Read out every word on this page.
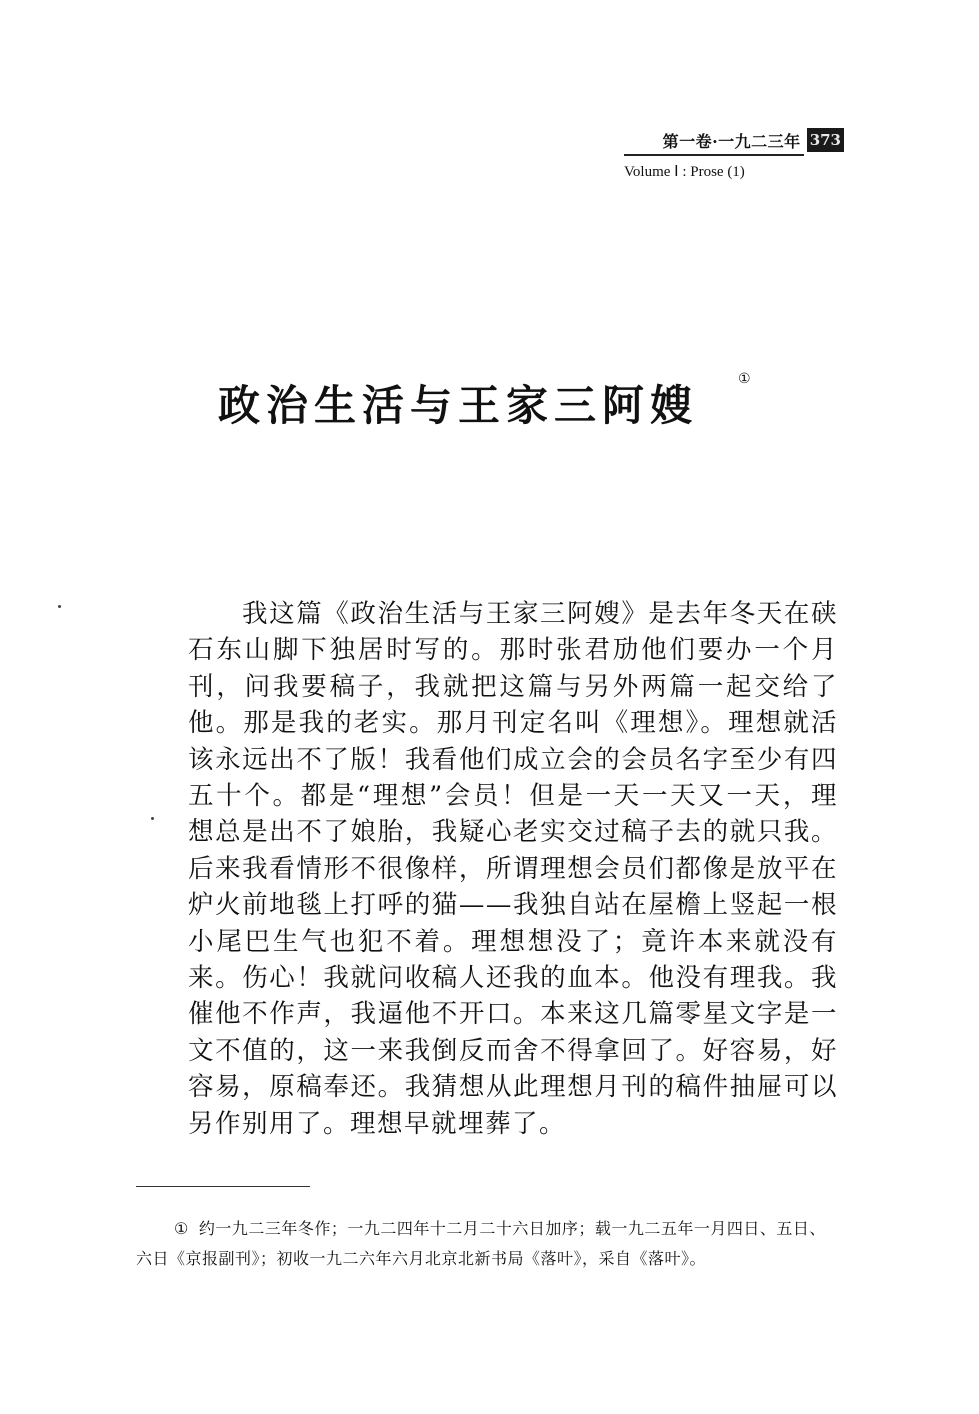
第一卷·一九二三年 373
Volume Ⅰ : Prose (1)
政治生活与王家三阿嫂
①
我这篇《政治生活与王家三阿嫂》是去年冬天在硖石东山脚下独居时写的。那时张君劢他们要办一个月刊，问我要稿子，我就把这篇与另外两篇一起交给了他。那是我的老实。那月刊定名叫《理想》。理想就活该永远出不了版！我看他们成立会的会员名字至少有四五十个。都是“理想”会员！但是一天一天又一天，理想总是出不了娘胎，我疑心老实交过稿子去的就只我。后来我看情形不很像样，所谓理想会员们都像是放平在炉火前地毯上打呼的猫——我独自站在屋檐上竖起一根小尾巴生气也犯不着。理想想没了；竟许本来就没有来。伤心！我就问收稿人还我的血本。他没有理我。我催他不作声，我逼他不开口。本来这几篇零星文字是一文不值的，这一来我倒反而舍不得拿回了。好容易，好容易，原稿奉还。我猜想从此理想月刊的稿件抽屉可以另作别用了。理想早就埋葬了。
① 约一九二三年冬作；一九二四年十二月二十六日加序；载一九二五年一月四日、五日、六日《京报副刊》；初收一九二六年六月北京北新书局《落叶》，采自《落叶》。
